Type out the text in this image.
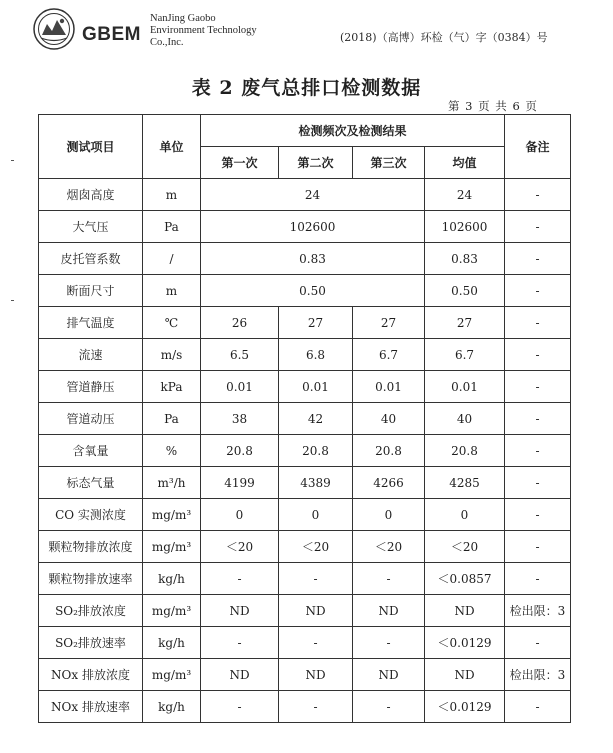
GBEM
NanJing Gaobo
Environment Technology
Co.,Inc.	(2018)（高博）环检（气）字（0384）号
表 2 废气总排口检测数据
第 3 页 共 6 页
测试项目	单位	检测频次及检测结果				备注
		第一次	第二次	第三次	均值	
烟囱高度	m	24			24	-
大气压	Pa	102600			102600	-
皮托管系数	/	0.83			0.83	-
断面尺寸	m	0.50			0.50	-
排气温度	℃	26	27	27	27	-
流速	m/s	6.5	6.8	6.7	6.7	-
管道静压	kPa	0.01	0.01	0.01	0.01	-
管道动压	Pa	38	42	40	40	-
含氧量	%	20.8	20.8	20.8	20.8	-
标态气量	m³/h	4199	4389	4266	4285	-
CO 实测浓度	mg/m³	0	0	0	0	-
颗粒物排放浓度	mg/m³	＜20	＜20	＜20	＜20	-
颗粒物排放速率	kg/h	-	-	-	＜0.0857	-
SO₂排放浓度	mg/m³	ND	ND	ND	ND	检出限：3
SO₂排放速率	kg/h	-	-	-	＜0.0129	-
NOx 排放浓度	mg/m³	ND	ND	ND	ND	检出限：3
NOx 排放速率	kg/h	-	-	-	＜0.0129	-
